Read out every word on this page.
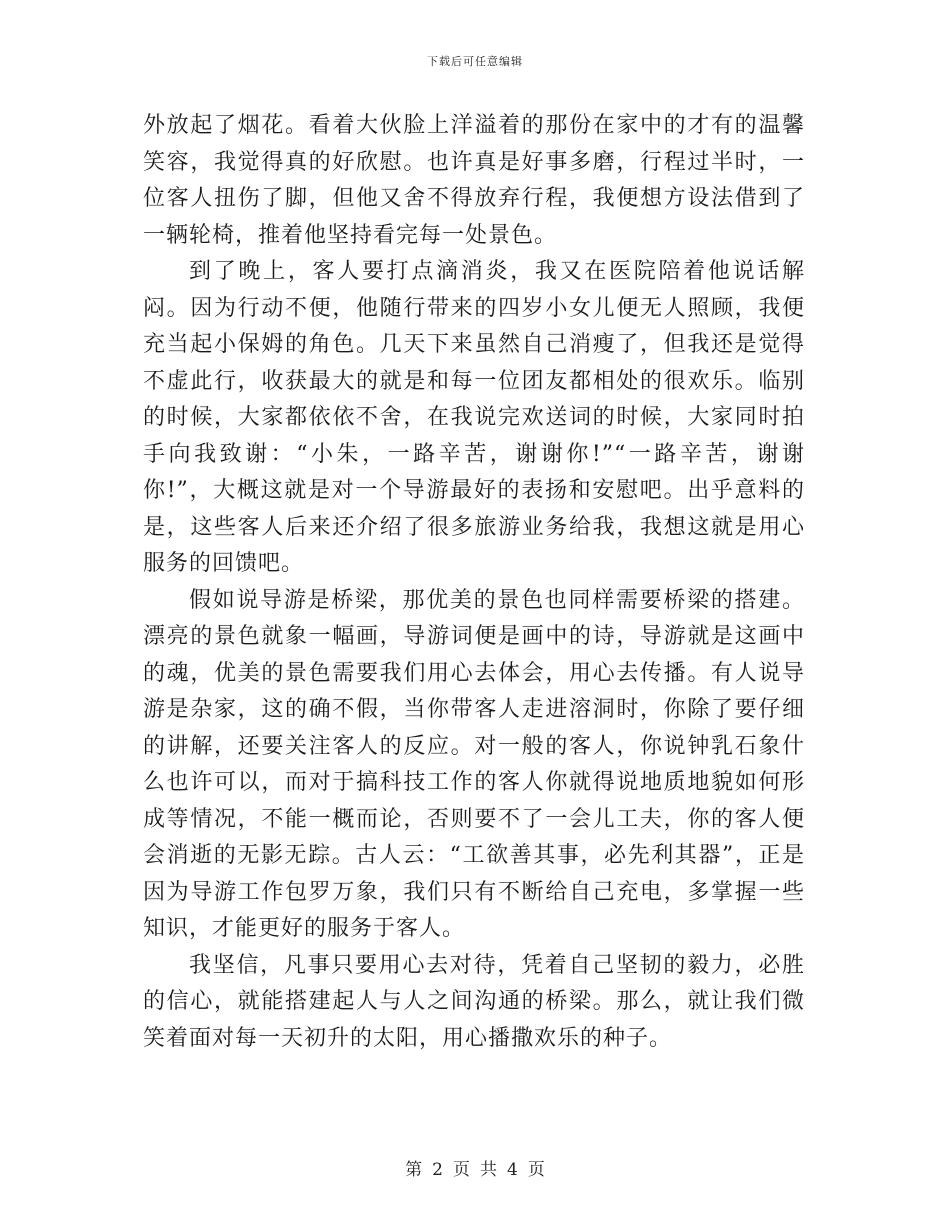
下载后可任意编辑

外放起了烟花。看着大伙脸上洋溢着的那份在家中的才有的温馨笑容，我觉得真的好欣慰。也许真是好事多磨，行程过半时，一位客人扭伤了脚，但他又舍不得放弃行程，我便想方设法借到了一辆轮椅，推着他坚持看完每一处景色。

到了晚上，客人要打点滴消炎，我又在医院陪着他说话解闷。因为行动不便，他随行带来的四岁小女儿便无人照顾，我便充当起小保姆的角色。几天下来虽然自己消瘦了，但我还是觉得不虚此行，收获最大的就是和每一位团友都相处的很欢乐。临别的时候，大家都依依不舍，在我说完欢送词的时候，大家同时拍手向我致谢：“小朱，一路辛苦，谢谢你!”“一路辛苦，谢谢你!”，大概这就是对一个导游最好的表扬和安慰吧。出乎意料的是，这些客人后来还介绍了很多旅游业务给我，我想这就是用心服务的回馈吧。

假如说导游是桥梁，那优美的景色也同样需要桥梁的搭建。漂亮的景色就象一幅画，导游词便是画中的诗，导游就是这画中的魂，优美的景色需要我们用心去体会，用心去传播。有人说导游是杂家，这的确不假，当你带客人走进溶洞时，你除了要仔细的讲解，还要关注客人的反应。对一般的客人，你说钟乳石象什么也许可以，而对于搞科技工作的客人你就得说地质地貌如何形成等情况，不能一概而论，否则要不了一会儿工夫，你的客人便会消逝的无影无踪。古人云：“工欲善其事，必先利其器”，正是因为导游工作包罗万象，我们只有不断给自己充电，多掌握一些知识，才能更好的服务于客人。

我坚信，凡事只要用心去对待，凭着自己坚韧的毅力，必胜的信心，就能搭建起人与人之间沟通的桥梁。那么，就让我们微笑着面对每一天初升的太阳，用心播撒欢乐的种子。

第 2 页 共 4 页
